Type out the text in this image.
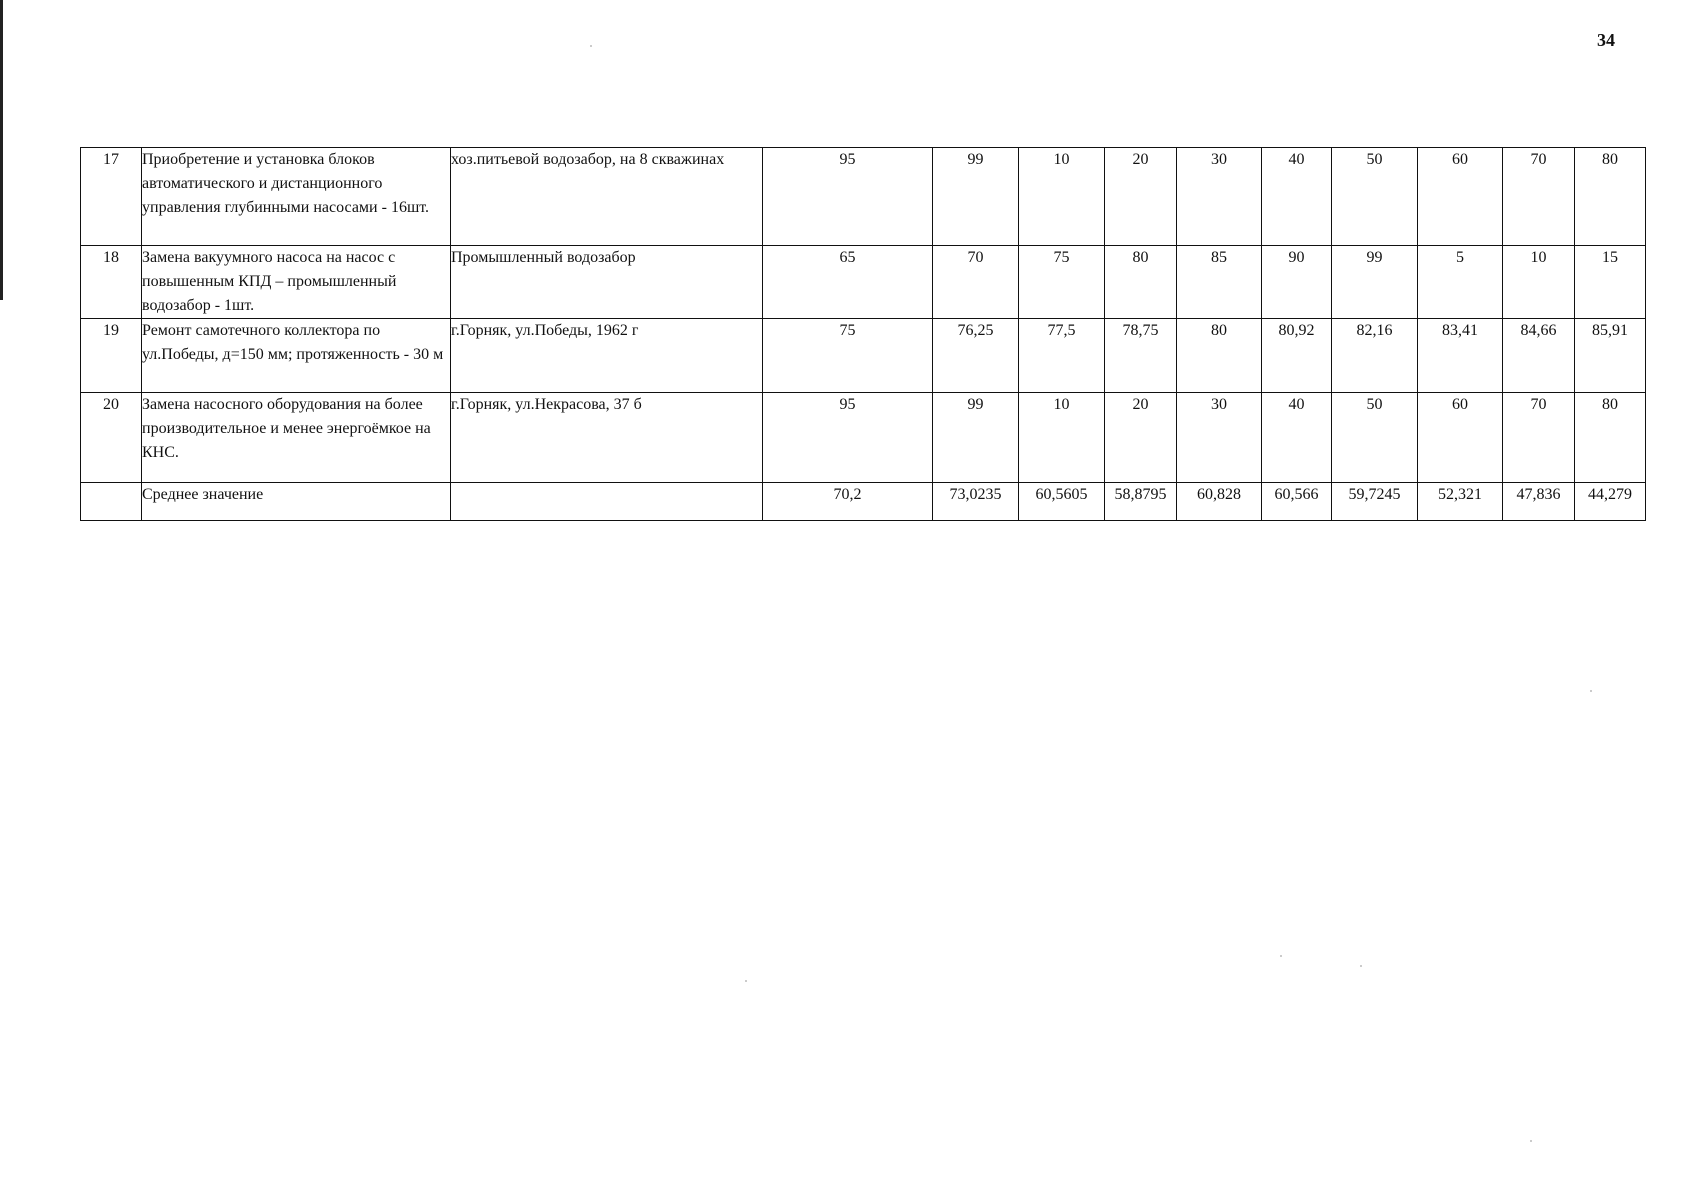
34
17	Приобретение и установка блоков автоматического и дистанционного управления глубинными насосами - 16шт.	хоз.питьевой водозабор, на 8 скважинах	95	99	10	20	30	40	50	60	70	80
18	Замена вакуумного насоса на насос с повышенным КПД – промышленный водозабор - 1шт.	Промышленный водозабор	65	70	75	80	85	90	99	5	10	15
19	Ремонт самотечного коллектора по ул.Победы, д=150 мм; протяженность - 30 м	г.Горняк, ул.Победы, 1962 г	75	76,25	77,5	78,75	80	80,92	82,16	83,41	84,66	85,91
20	Замена насосного оборудования на более производительное и менее энергоёмкое на КНС.	г.Горняк, ул.Некрасова, 37 б	95	99	10	20	30	40	50	60	70	80
	Среднее значение		70,2	73,0235	60,5605	58,8795	60,828	60,566	59,7245	52,321	47,836	44,279
